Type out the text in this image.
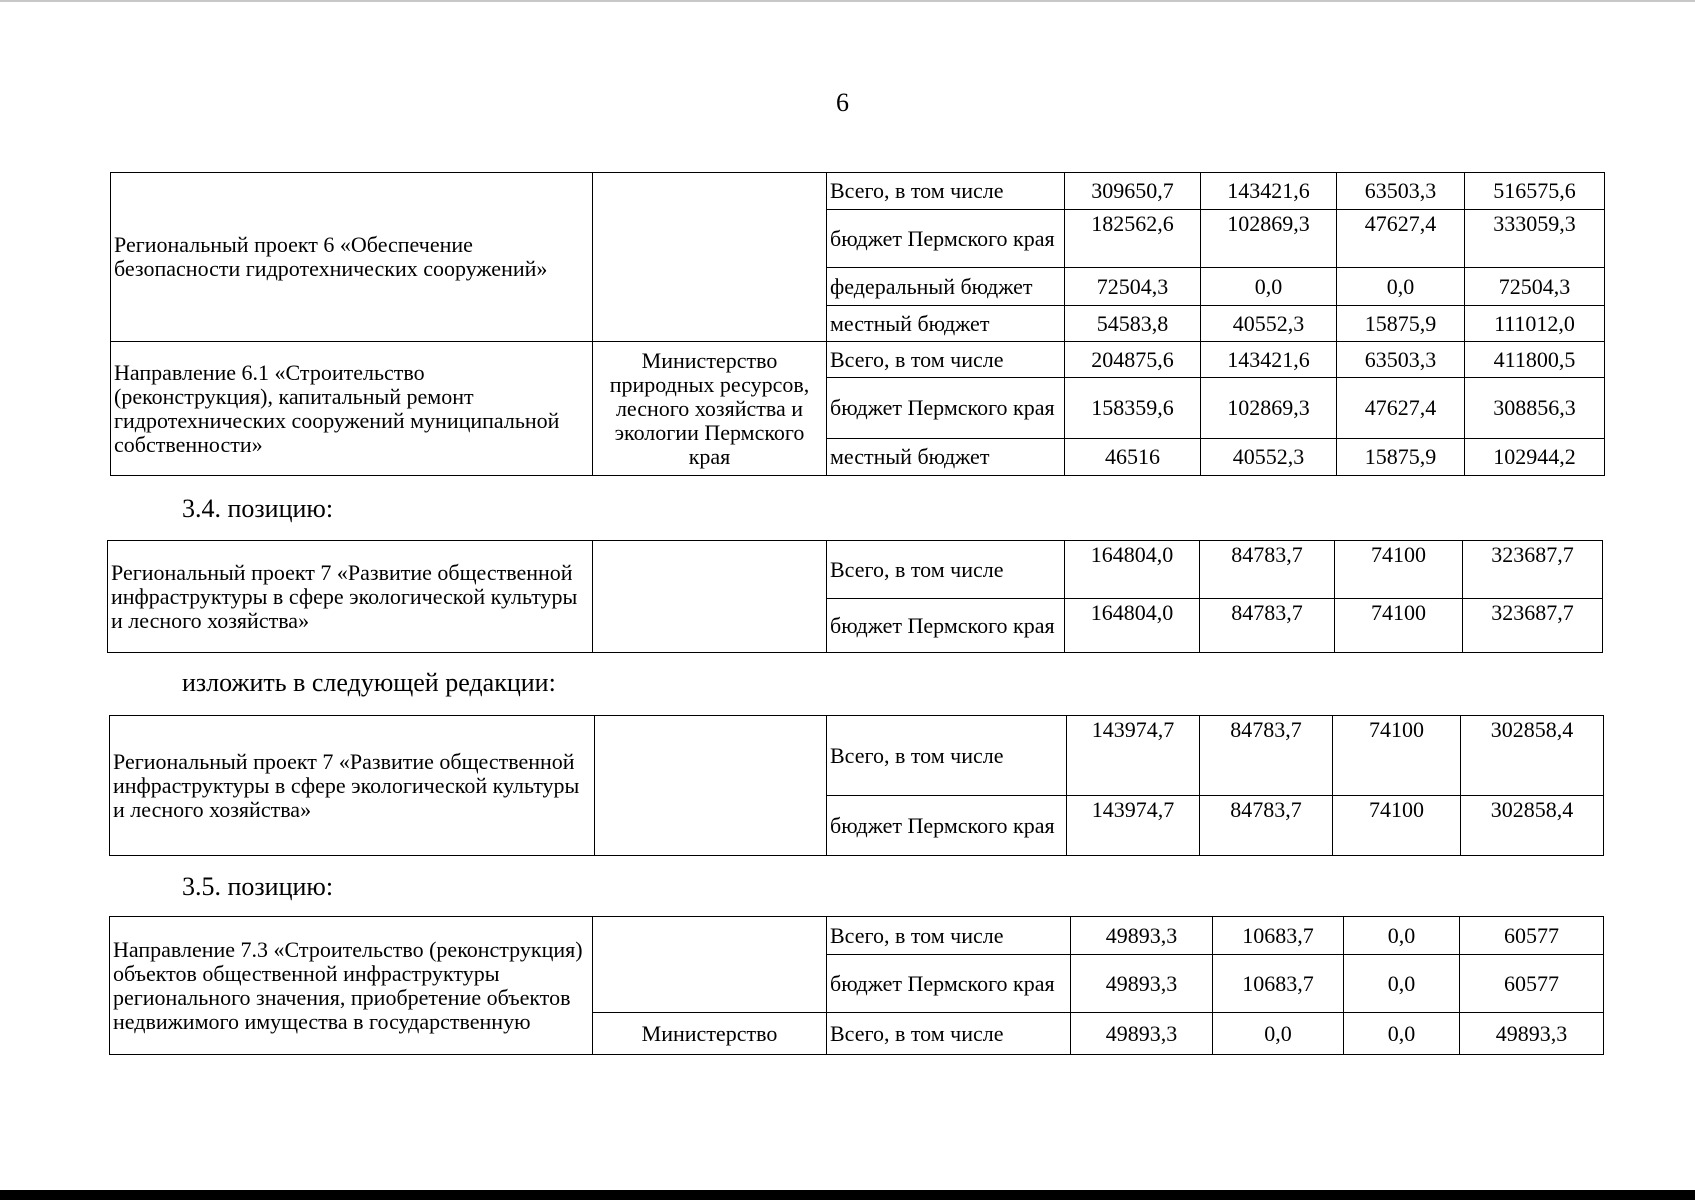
6
Региональный проект 6 «Обеспечение безопасности гидротехнических сооружений»		Всего, в том числе	309650,7	143421,6	63503,3	516575,6
		бюджет Пермского края	182562,6	102869,3	47627,4	333059,3
		федеральный бюджет	72504,3	0,0	0,0	72504,3
		местный бюджет	54583,8	40552,3	15875,9	111012,0
Направление 6.1 «Строительство (реконструкция), капитальный ремонт гидротехнических сооружений муниципальной собственности»	Министерство природных ресурсов, лесного хозяйства и экологии Пермского края	Всего, в том числе	204875,6	143421,6	63503,3	411800,5
		бюджет Пермского края	158359,6	102869,3	47627,4	308856,3
		местный бюджет	46516	40552,3	15875,9	102944,2
3.4. позицию:
Региональный проект 7 «Развитие общественной инфраструктуры в сфере экологической культуры и лесного хозяйства»		Всего, в том числе	164804,0	84783,7	74100	323687,7
		бюджет Пермского края	164804,0	84783,7	74100	323687,7
изложить в следующей редакции:
Региональный проект 7 «Развитие общественной инфраструктуры в сфере экологической культуры и лесного хозяйства»		Всего, в том числе	143974,7	84783,7	74100	302858,4
		бюджет Пермского края	143974,7	84783,7	74100	302858,4
3.5. позицию:
Направление 7.3 «Строительство (реконструкция) объектов общественной инфраструктуры регионального значения, приобретение объектов недвижимого имущества в государственную		Всего, в том числе	49893,3	10683,7	0,0	60577
		бюджет Пермского края	49893,3	10683,7	0,0	60577
	Министерство	Всего, в том числе	49893,3	0,0	0,0	49893,3
